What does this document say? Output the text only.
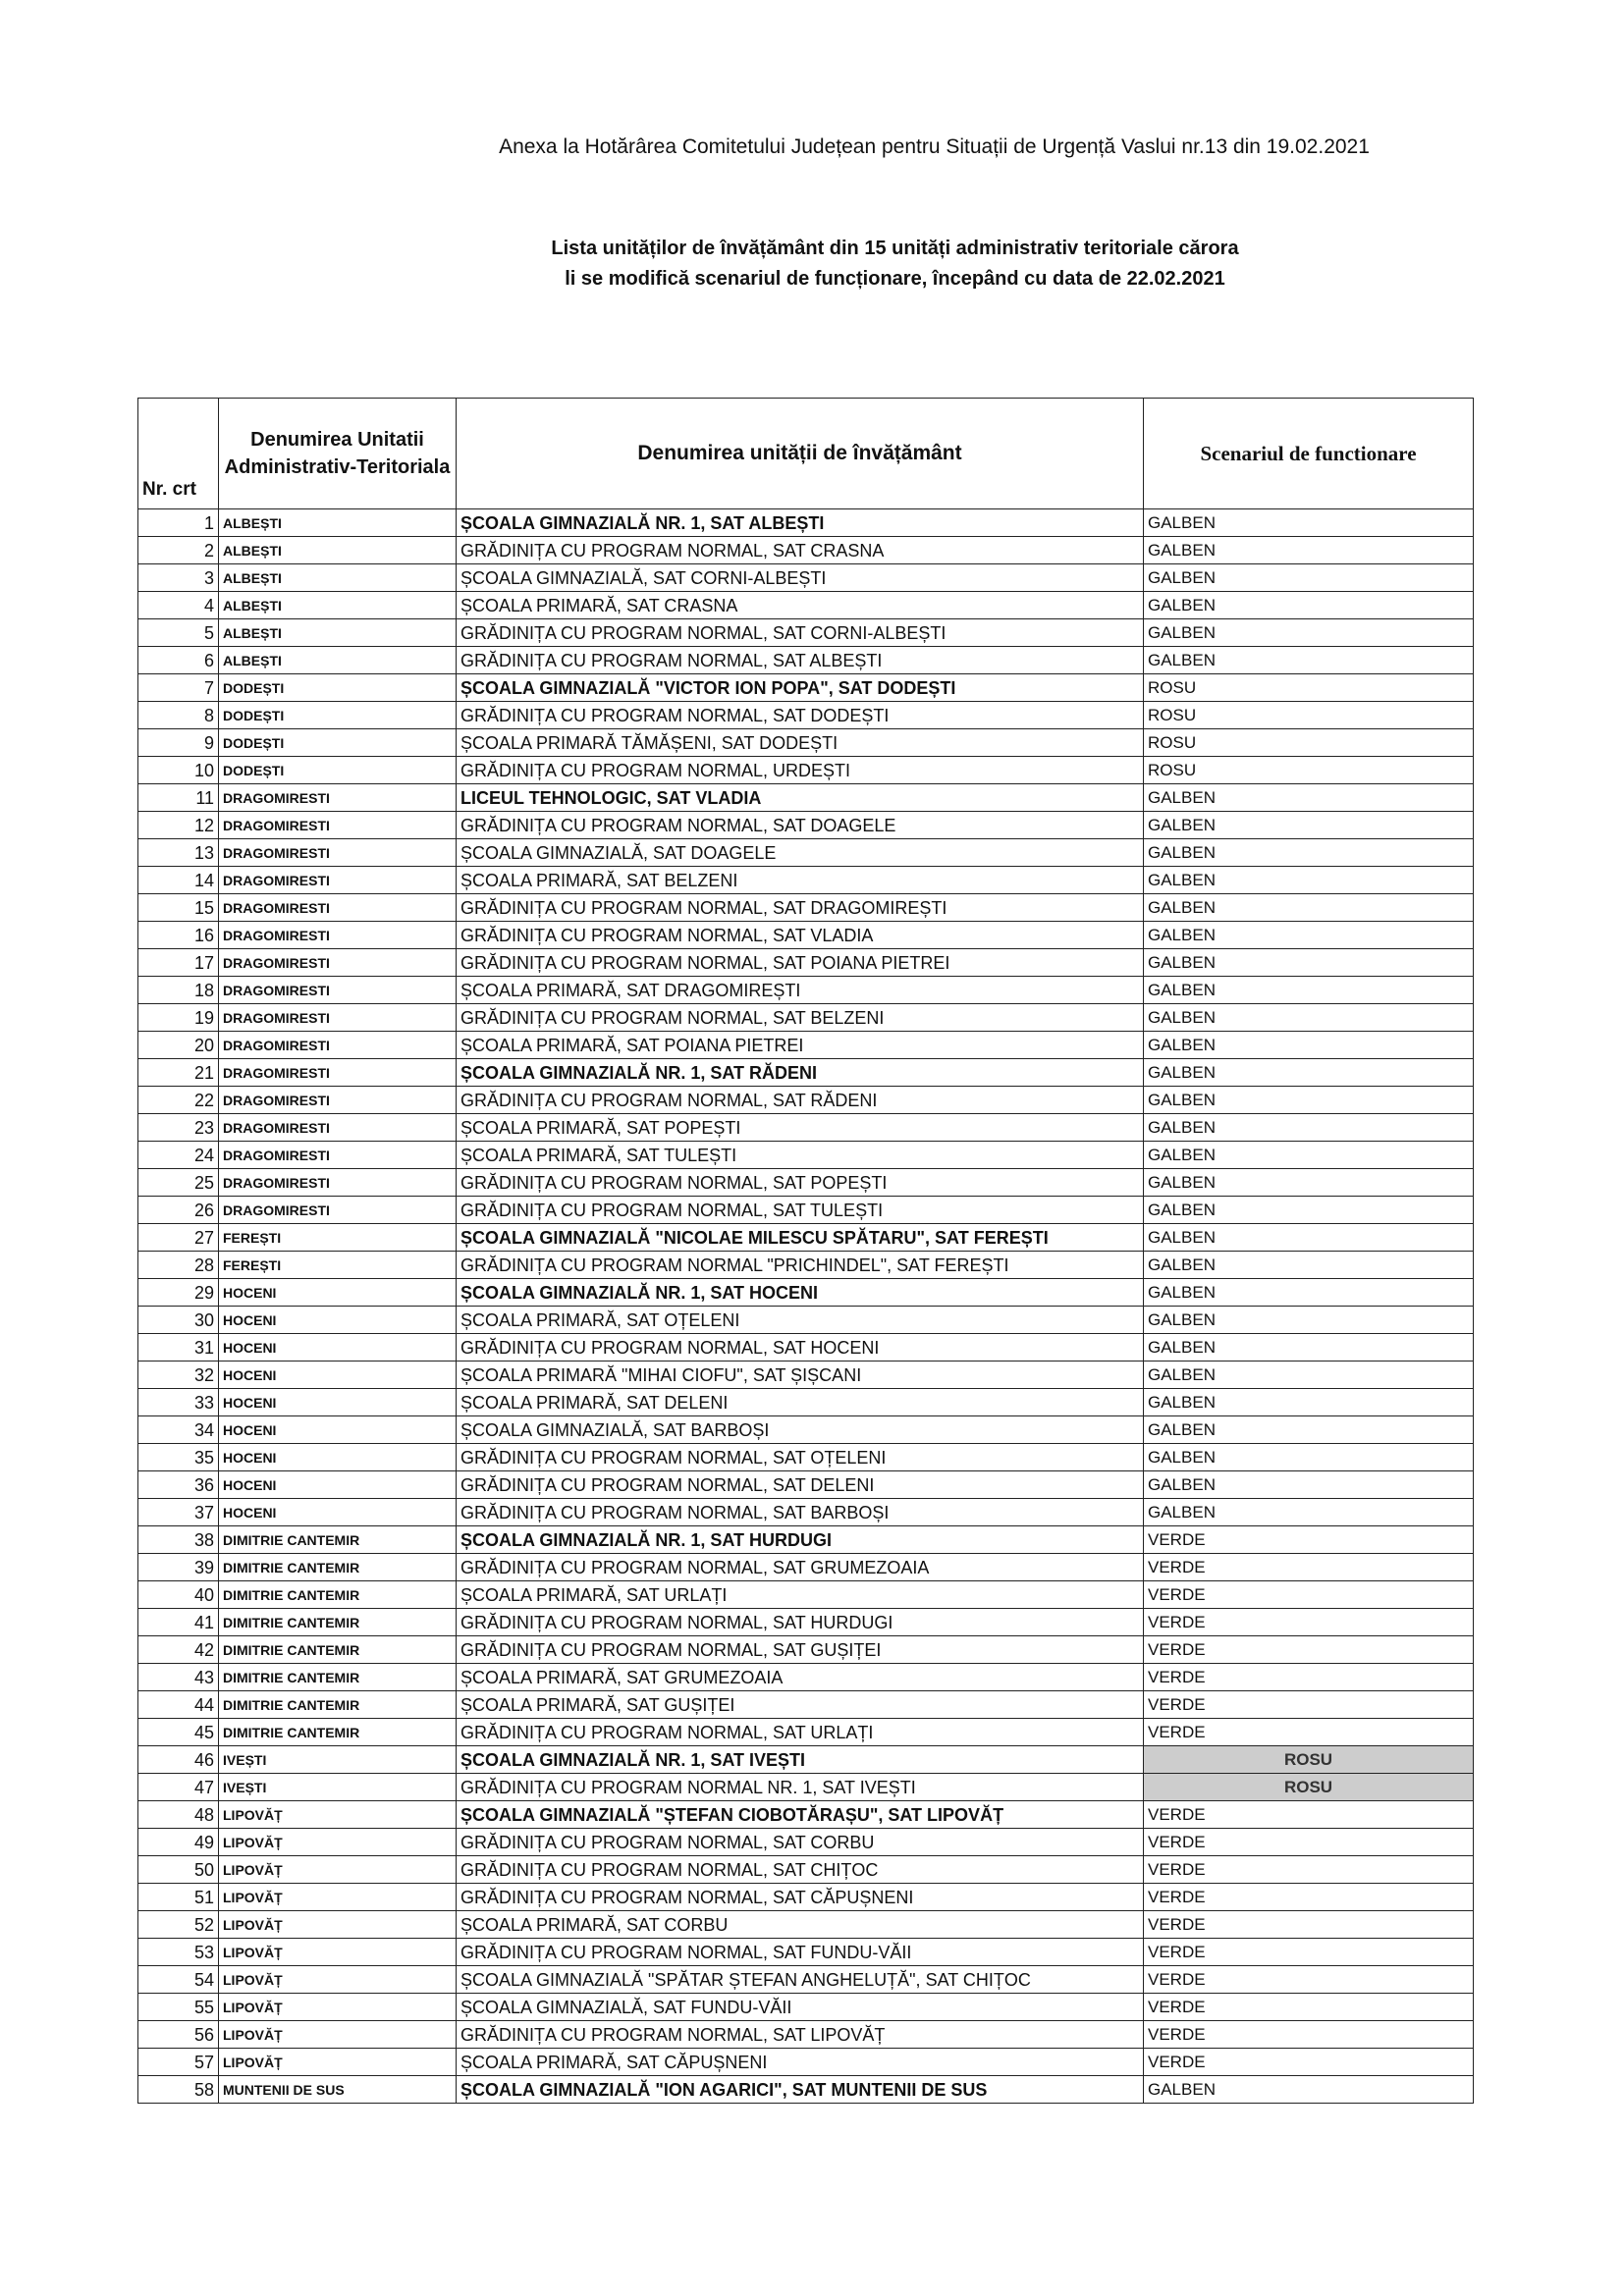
Anexa la Hotărârea Comitetului Județean pentru Situații de Urgență Vaslui nr.13 din 19.02.2021
Lista unităților de învățământ din 15 unități administrativ teritoriale cărora
li se modifică scenariul de funcționare, începând cu data de 22.02.2021
Nr. crt	Denumirea Unitatii Administrativ-Teritoriala	Denumirea unității de învățământ	Scenariul de functionare
1	ALBEȘTI	ȘCOALA GIMNAZIALĂ NR. 1, SAT ALBEȘTI	GALBEN
2	ALBEȘTI	GRĂDINIȚA CU PROGRAM NORMAL, SAT CRASNA	GALBEN
3	ALBEȘTI	ȘCOALA GIMNAZIALĂ, SAT CORNI-ALBEȘTI	GALBEN
4	ALBEȘTI	ȘCOALA PRIMARĂ, SAT CRASNA	GALBEN
5	ALBEȘTI	GRĂDINIȚA CU PROGRAM NORMAL, SAT CORNI-ALBEȘTI	GALBEN
6	ALBEȘTI	GRĂDINIȚA CU PROGRAM NORMAL, SAT ALBEȘTI	GALBEN
7	DODEȘTI	ȘCOALA GIMNAZIALĂ "VICTOR ION POPA", SAT DODEȘTI	ROSU
8	DODEȘTI	GRĂDINIȚA CU PROGRAM NORMAL, SAT DODEȘTI	ROSU
9	DODEȘTI	ȘCOALA PRIMARĂ TĂMĂȘENI, SAT DODEȘTI	ROSU
10	DODEȘTI	GRĂDINIȚA CU PROGRAM NORMAL, URDEȘTI	ROSU
11	DRAGOMIRESTI	LICEUL TEHNOLOGIC, SAT VLADIA	GALBEN
12	DRAGOMIRESTI	GRĂDINIȚA CU PROGRAM NORMAL, SAT DOAGELE	GALBEN
13	DRAGOMIRESTI	ȘCOALA GIMNAZIALĂ, SAT DOAGELE	GALBEN
14	DRAGOMIRESTI	ȘCOALA PRIMARĂ, SAT BELZENI	GALBEN
15	DRAGOMIRESTI	GRĂDINIȚA CU PROGRAM NORMAL, SAT DRAGOMIREȘTI	GALBEN
16	DRAGOMIRESTI	GRĂDINIȚA CU PROGRAM NORMAL, SAT VLADIA	GALBEN
17	DRAGOMIRESTI	GRĂDINIȚA CU PROGRAM NORMAL, SAT POIANA PIETREI	GALBEN
18	DRAGOMIRESTI	ȘCOALA PRIMARĂ, SAT DRAGOMIREȘTI	GALBEN
19	DRAGOMIRESTI	GRĂDINIȚA CU PROGRAM NORMAL, SAT BELZENI	GALBEN
20	DRAGOMIRESTI	ȘCOALA PRIMARĂ, SAT POIANA PIETREI	GALBEN
21	DRAGOMIRESTI	ȘCOALA GIMNAZIALĂ NR. 1, SAT RĂDENI	GALBEN
22	DRAGOMIRESTI	GRĂDINIȚA CU PROGRAM NORMAL, SAT RĂDENI	GALBEN
23	DRAGOMIRESTI	ȘCOALA PRIMARĂ, SAT POPEȘTI	GALBEN
24	DRAGOMIRESTI	ȘCOALA PRIMARĂ, SAT TULEȘTI	GALBEN
25	DRAGOMIRESTI	GRĂDINIȚA CU PROGRAM NORMAL, SAT POPEȘTI	GALBEN
26	DRAGOMIRESTI	GRĂDINIȚA CU PROGRAM NORMAL, SAT TULEȘTI	GALBEN
27	FEREȘTI	ȘCOALA GIMNAZIALĂ "NICOLAE MILESCU SPĂTARU", SAT FEREȘTI	GALBEN
28	FEREȘTI	GRĂDINIȚA CU PROGRAM NORMAL "PRICHINDEL", SAT FEREȘTI	GALBEN
29	HOCENI	ȘCOALA GIMNAZIALĂ NR. 1, SAT HOCENI	GALBEN
30	HOCENI	ȘCOALA PRIMARĂ, SAT OȚELENI	GALBEN
31	HOCENI	GRĂDINIȚA CU PROGRAM NORMAL, SAT HOCENI	GALBEN
32	HOCENI	ȘCOALA PRIMARĂ "MIHAI CIOFU", SAT ȘIȘCANI	GALBEN
33	HOCENI	ȘCOALA PRIMARĂ, SAT DELENI	GALBEN
34	HOCENI	ȘCOALA GIMNAZIALĂ, SAT BARBOȘI	GALBEN
35	HOCENI	GRĂDINIȚA CU PROGRAM NORMAL, SAT OȚELENI	GALBEN
36	HOCENI	GRĂDINIȚA CU PROGRAM NORMAL, SAT DELENI	GALBEN
37	HOCENI	GRĂDINIȚA CU PROGRAM NORMAL, SAT BARBOȘI	GALBEN
38	DIMITRIE CANTEMIR	ȘCOALA GIMNAZIALĂ NR. 1, SAT HURDUGI	VERDE
39	DIMITRIE CANTEMIR	GRĂDINIȚA CU PROGRAM NORMAL, SAT GRUMEZOAIA	VERDE
40	DIMITRIE CANTEMIR	ȘCOALA PRIMARĂ, SAT URLAȚI	VERDE
41	DIMITRIE CANTEMIR	GRĂDINIȚA CU PROGRAM NORMAL, SAT HURDUGI	VERDE
42	DIMITRIE CANTEMIR	GRĂDINIȚA CU PROGRAM NORMAL, SAT GUȘIȚEI	VERDE
43	DIMITRIE CANTEMIR	ȘCOALA PRIMARĂ, SAT GRUMEZOAIA	VERDE
44	DIMITRIE CANTEMIR	ȘCOALA PRIMARĂ, SAT GUȘIȚEI	VERDE
45	DIMITRIE CANTEMIR	GRĂDINIȚA CU PROGRAM NORMAL, SAT URLAȚI	VERDE
46	IVEȘTI	ȘCOALA GIMNAZIALĂ NR. 1, SAT IVEȘTI	ROSU
47	IVEȘTI	GRĂDINIȚA CU PROGRAM NORMAL NR. 1, SAT IVEȘTI	ROSU
48	LIPOVĂȚ	ȘCOALA GIMNAZIALĂ "ȘTEFAN CIOBOTĂRAȘU", SAT LIPOVĂȚ	VERDE
49	LIPOVĂȚ	GRĂDINIȚA CU PROGRAM NORMAL, SAT CORBU	VERDE
50	LIPOVĂȚ	GRĂDINIȚA CU PROGRAM NORMAL, SAT CHIȚOC	VERDE
51	LIPOVĂȚ	GRĂDINIȚA CU PROGRAM NORMAL, SAT CĂPUȘNENI	VERDE
52	LIPOVĂȚ	ȘCOALA PRIMARĂ, SAT CORBU	VERDE
53	LIPOVĂȚ	GRĂDINIȚA CU PROGRAM NORMAL, SAT FUNDU-VĂII	VERDE
54	LIPOVĂȚ	ȘCOALA GIMNAZIALĂ "SPĂTAR ȘTEFAN ANGHELUȚĂ", SAT CHIȚOC	VERDE
55	LIPOVĂȚ	ȘCOALA GIMNAZIALĂ, SAT FUNDU-VĂII	VERDE
56	LIPOVĂȚ	GRĂDINIȚA CU PROGRAM NORMAL, SAT LIPOVĂȚ	VERDE
57	LIPOVĂȚ	ȘCOALA PRIMARĂ, SAT CĂPUȘNENI	VERDE
58	MUNTENII DE SUS	ȘCOALA GIMNAZIALĂ "ION AGARICI", SAT MUNTENII DE SUS	GALBEN
